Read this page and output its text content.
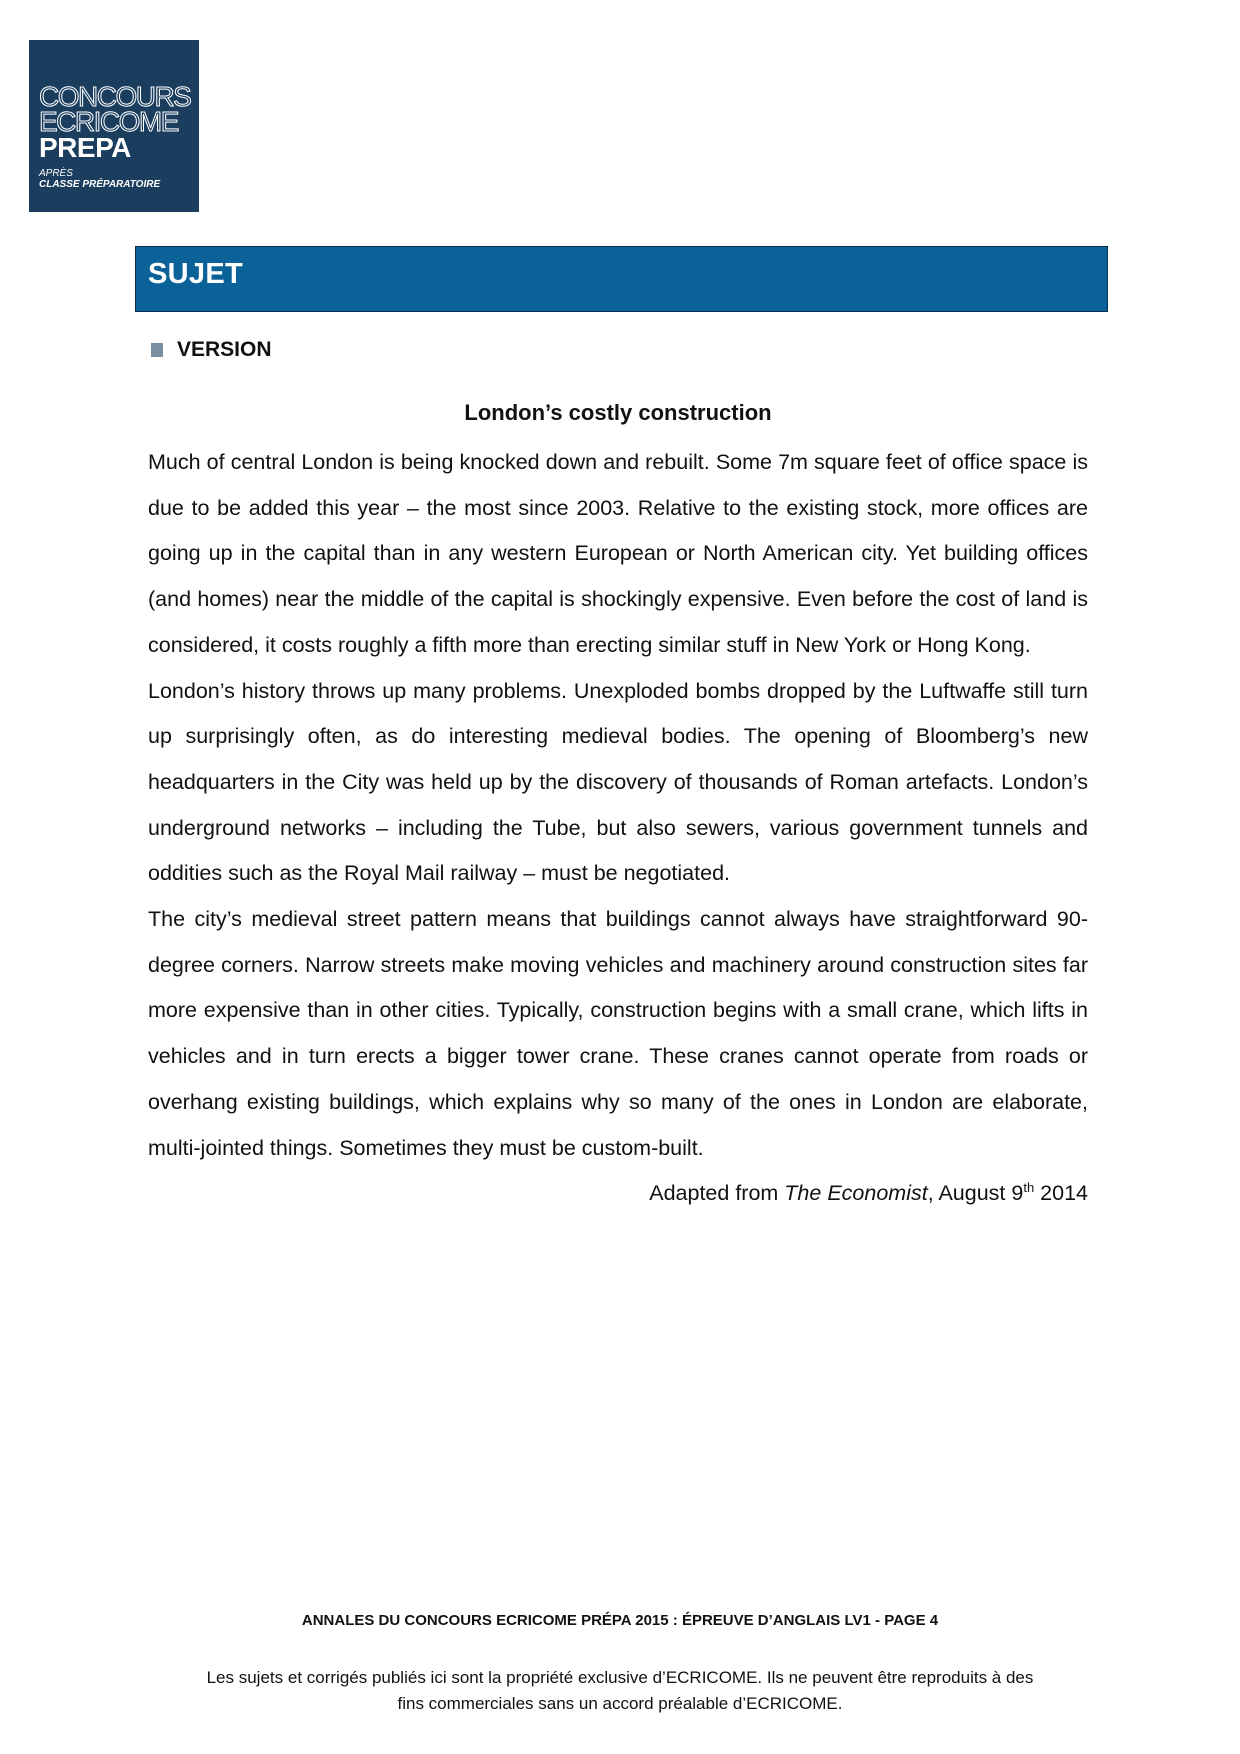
CONCOURS
ECRICOME
PREPA
APRÈS
CLASSE PRÉPARATOIRE
SUJET
VERSION
London’s costly construction

Much of central London is being knocked down and rebuilt. Some 7m square feet of office space is due to be added this year – the most since 2003. Relative to the existing stock, more offices are going up in the capital than in any western European or North American city. Yet building offices (and homes) near the middle of the capital is shockingly expensive. Even before the cost of land is considered, it costs roughly a fifth more than erecting similar stuff in New York or Hong Kong.

London’s history throws up many problems. Unexploded bombs dropped by the Luftwaffe still turn up surprisingly often, as do interesting medieval bodies. The opening of Bloomberg’s new headquarters in the City was held up by the discovery of thousands of Roman artefacts. London’s underground networks – including the Tube, but also sewers, various government tunnels and oddities such as the Royal Mail railway – must be negotiated.

The city’s medieval street pattern means that buildings cannot always have straightforward 90-degree corners. Narrow streets make moving vehicles and machinery around construction sites far more expensive than in other cities. Typically, construction begins with a small crane, which lifts in vehicles and in turn erects a bigger tower crane. These cranes cannot operate from roads or overhang existing buildings, which explains why so many of the ones in London are elaborate, multi-jointed things. Sometimes they must be custom-built.

Adapted from The Economist, August 9th 2014

ANNALES DU CONCOURS ECRICOME PRÉPA 2015 : ÉPREUVE D’ANGLAIS LV1 - PAGE 4
Les sujets et corrigés publiés ici sont la propriété exclusive d’ECRICOME. Ils ne peuvent être reproduits à des
fins commerciales sans un accord préalable d’ECRICOME.
